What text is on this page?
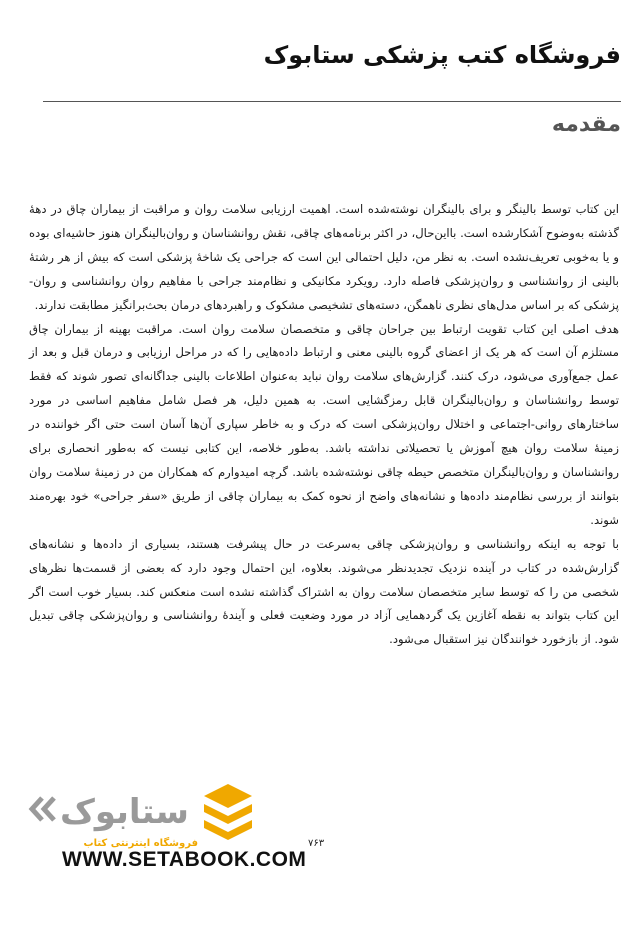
فروشگاه کتب پزشکی ستابوک
مقدمه

این کتاب توسط بالینگر و برای بالینگران نوشته‌شده است. اهمیت ارزیابی سلامت روان و مراقبت از بیماران چاق در دهۀ گذشته به‌وضوح آشکارشده است. بااین‌حال، در اکثر برنامه‌های چاقی، نقش روانشناسان و روان‌بالینگران هنوز حاشیه‌ای بوده و یا به‌خوبی تعریف‌نشده است. به نظر من، دلیل احتمالی این است که جراحی یک شاخۀ پزشکی است که بیش از هر رشتۀ بالینی از روانشناسی و روان‌پزشکی فاصله دارد. رویکرد مکانیکی و نظام‌مند جراحی با مفاهیم روان روانشناسی و روان-پزشکی که بر اساس مدل‌های نظری ناهمگن، دسته‌های تشخیصی مشکوک و راهبردهای درمان بحث‌برانگیز مطابقت ندارند.

هدف اصلی این کتاب تقویت ارتباط بین جراحان چاقی و متخصصان سلامت روان است. مراقبت بهینه از بیماران چاق مستلزم آن است که هر یک از اعضای گروه بالینی معنی و ارتباط داده‌هایی را که در مراحل ارزیابی و درمان قبل و بعد از عمل جمع‌آوری می‌شود، درک کنند. گزارش‌های سلامت روان نباید به‌عنوان اطلاعات بالینی جداگانه‌ای تصور شوند که فقط توسط روانشناسان و روان‌بالینگران قابل رمزگشایی است. به همین دلیل، هر فصل شامل مفاهیم اساسی در مورد ساختارهای روانی-اجتماعی و اختلال روان‌پزشکی است که درک و به خاطر سپاری آن‌ها آسان است حتی اگر خواننده در زمینۀ سلامت روان هیچ آموزش یا تحصیلاتی نداشته باشد. به‌طور خلاصه، این کتابی نیست که به‌طور انحصاری برای روانشناسان و روان‌بالینگران متخصص حیطه چاقی نوشته‌شده باشد. گرچه امیدوارم که همکاران من در زمینۀ سلامت روان بتوانند از بررسی نظام‌مند داده‌ها و نشانه‌های واضح از نحوه کمک به بیماران چاقی از طریق «سفر جراحی» خود بهره‌مند شوند.

با توجه به اینکه روانشناسی و روان‌پزشکی چاقی به‌سرعت در حال پیشرفت هستند، بسیاری از داده‌ها و نشانه‌های گزارش‌شده در کتاب در آینده نزدیک تجدیدنظر می‌شوند. بعلاوه، این احتمال وجود دارد که بعضی از قسمت‌ها نظرهای شخصی من را که توسط سایر متخصصان سلامت روان به اشتراک گذاشته نشده است منعکس کند. بسیار خوب است اگر این کتاب بتواند به نقطه آغازین یک گردهمایی آزاد در مورد وضعیت فعلی و آیندۀ روانشناسی و روان‌پزشکی چاقی تبدیل شود. از بازخورد خوانندگان نیز استقبال می‌شود.

ستابوک
فروشگاه اینترنتی کتاب
WWW.SETABOOK.COM
۷۶۳
